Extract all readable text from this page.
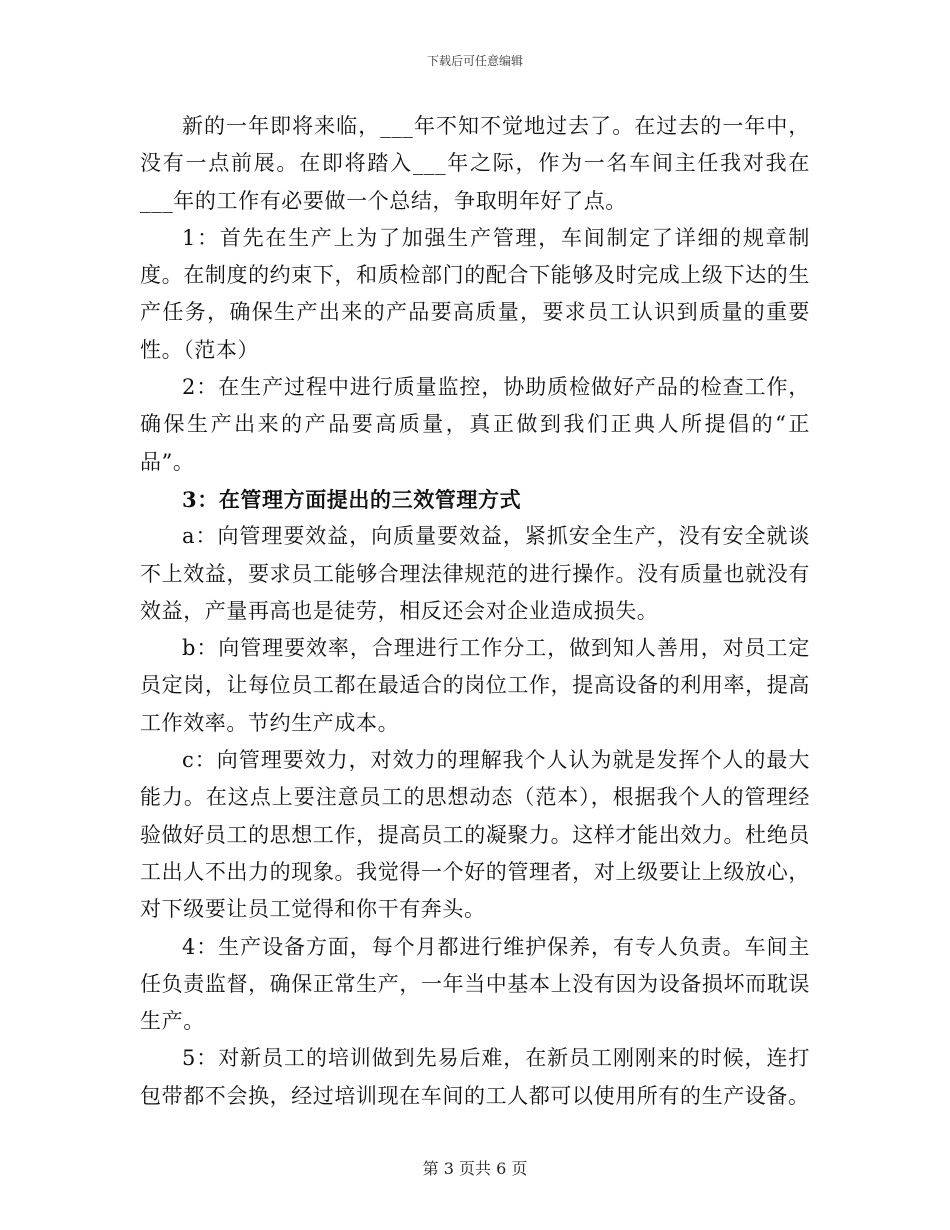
下载后可任意编辑

新的一年即将来临，___年不知不觉地过去了。在过去的一年中，没有一点前展。在即将踏入___年之际，作为一名车间主任我对我在___年的工作有必要做一个总结，争取明年好了点。

1：首先在生产上为了加强生产管理，车间制定了详细的规章制度。在制度的约束下，和质检部门的配合下能够及时完成上级下达的生产任务，确保生产出来的产品要高质量，要求员工认识到质量的重要性。（范本）

2：在生产过程中进行质量监控，协助质检做好产品的检查工作，确保生产出来的产品要高质量，真正做到我们正典人所提倡的“正品”。

3：在管理方面提出的三效管理方式

a：向管理要效益，向质量要效益，紧抓安全生产，没有安全就谈不上效益，要求员工能够合理法律规范的进行操作。没有质量也就没有效益，产量再高也是徒劳，相反还会对企业造成损失。

b：向管理要效率，合理进行工作分工，做到知人善用，对员工定员定岗，让每位员工都在最适合的岗位工作，提高设备的利用率，提高工作效率。节约生产成本。

c：向管理要效力，对效力的理解我个人认为就是发挥个人的最大能力。在这点上要注意员工的思想动态（范本），根据我个人的管理经验做好员工的思想工作，提高员工的凝聚力。这样才能出效力。杜绝员工出人不出力的现象。我觉得一个好的管理者，对上级要让上级放心，对下级要让员工觉得和你干有奔头。

4：生产设备方面，每个月都进行维护保养，有专人负责。车间主任负责监督，确保正常生产，一年当中基本上没有因为设备损坏而耽误生产。

5：对新员工的培训做到先易后难，在新员工刚刚来的时候，连打包带都不会换，经过培训现在车间的工人都可以使用所有的生产设备。

第 3 页共 6 页
